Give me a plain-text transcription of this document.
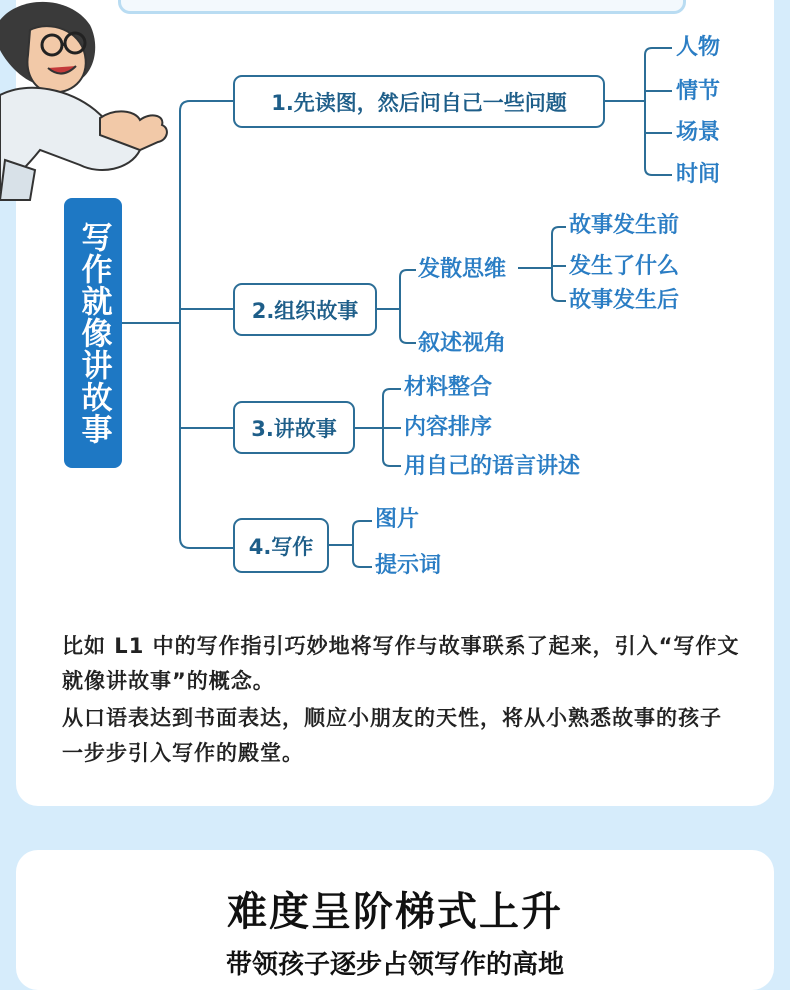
写作就像讲故事
1.先读图，然后问自己一些问题
2.组织故事
3.讲故事
4.写作
人物
情节
场景
时间
发散思维
叙述视角
故事发生前
发生了什么
故事发生后
材料整合
内容排序
用自己的语言讲述
图片
提示词
比如 L1 中的写作指引巧妙地将写作与故事联系了起来，引入“写作文就像讲故事”的概念。
从口语表达到书面表达，顺应小朋友的天性，将从小熟悉故事的孩子一步步引入写作的殿堂。
难度呈阶梯式上升
带领孩子逐步占领写作的高地
